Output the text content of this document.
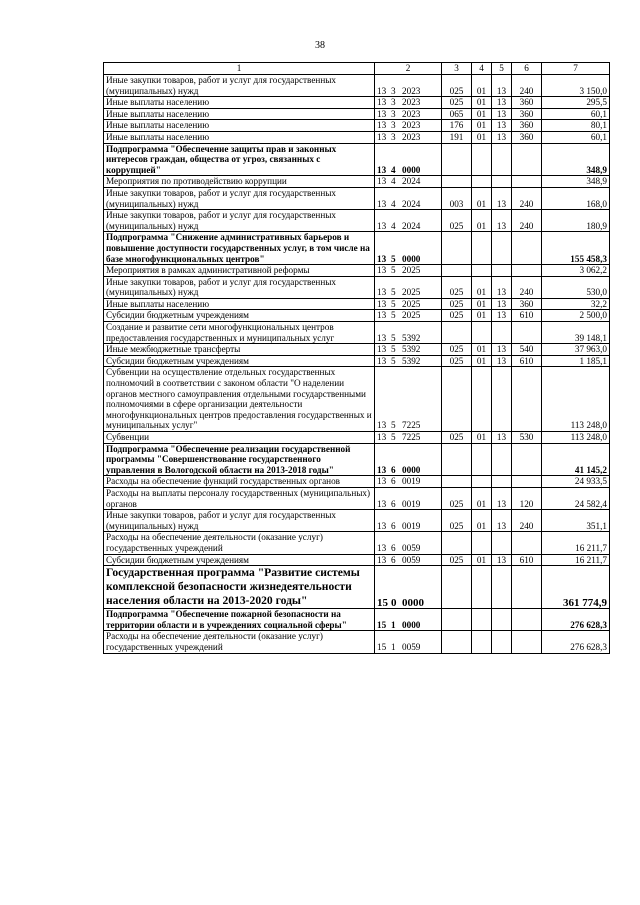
38
1	2	3	4	5	6	7
Иные закупки товаров, работ и услуг для государственных (муниципальных) нужд	13 3 2023	025	01	13	240	3 150,0
Иные выплаты населению	13 3 2023	025	01	13	360	295,5
Иные выплаты населению	13 3 2023	065	01	13	360	60,1
Иные выплаты населению	13 3 2023	176	01	13	360	80,1
Иные выплаты населению	13 3 2023	191	01	13	360	60,1
Подпрограмма "Обеспечение защиты прав и законных интересов граждан, общества от угроз, связанных с коррупцией"	13 4 0000					348,9
Мероприятия по противодействию коррупции	13 4 2024					348,9
Иные закупки товаров, работ и услуг для государственных (муниципальных) нужд	13 4 2024	003	01	13	240	168,0
Иные закупки товаров, работ и услуг для государственных (муниципальных) нужд	13 4 2024	025	01	13	240	180,9
Подпрограмма "Снижение административных барьеров и повышение доступности государственных услуг, в том числе на базе многофункциональных центров"	13 5 0000					155 458,3
Мероприятия в рамках административной реформы	13 5 2025					3 062,2
Иные закупки товаров, работ и услуг для государственных (муниципальных) нужд	13 5 2025	025	01	13	240	530,0
Иные выплаты населению	13 5 2025	025	01	13	360	32,2
Субсидии бюджетным учреждениям	13 5 2025	025	01	13	610	2 500,0
Создание и развитие сети многофункциональных центров предоставления государственных и муниципальных услуг	13 5 5392					39 148,1
Иные межбюджетные трансферты	13 5 5392	025	01	13	540	37 963,0
Субсидии бюджетным учреждениям	13 5 5392	025	01	13	610	1 185,1
Субвенции на осуществление отдельных государственных полномочий в соответствии с законом области "О наделении органов местного самоуправления отдельными государственными полномочиями в сфере организации деятельности многофункциональных центров предоставления государственных и муниципальных услуг"	13 5 7225					113 248,0
Субвенции	13 5 7225	025	01	13	530	113 248,0
Подпрограмма "Обеспечение реализации государственной программы "Совершенствование государственного управления в Вологодской области на 2013-2018 годы"	13 6 0000					41 145,2
Расходы на обеспечение функций государственных органов	13 6 0019					24 933,5
Расходы на выплаты персоналу государственных (муниципальных) органов	13 6 0019	025	01	13	120	24 582,4
Иные закупки товаров, работ и услуг для государственных (муниципальных) нужд	13 6 0019	025	01	13	240	351,1
Расходы на обеспечение деятельности (оказание услуг) государственных учреждений	13 6 0059					16 211,7
Субсидии бюджетным учреждениям	13 6 0059	025	01	13	610	16 211,7
Государственная программа "Развитие системы комплексной безопасности жизнедеятельности населения области на 2013-2020 годы"	15 0 0000					361 774,9
Подпрограмма "Обеспечение пожарной безопасности на территории области и в учреждениях социальной сферы"	15 1 0000					276 628,3
Расходы на обеспечение деятельности (оказание услуг) государственных учреждений	15 1 0059					276 628,3
